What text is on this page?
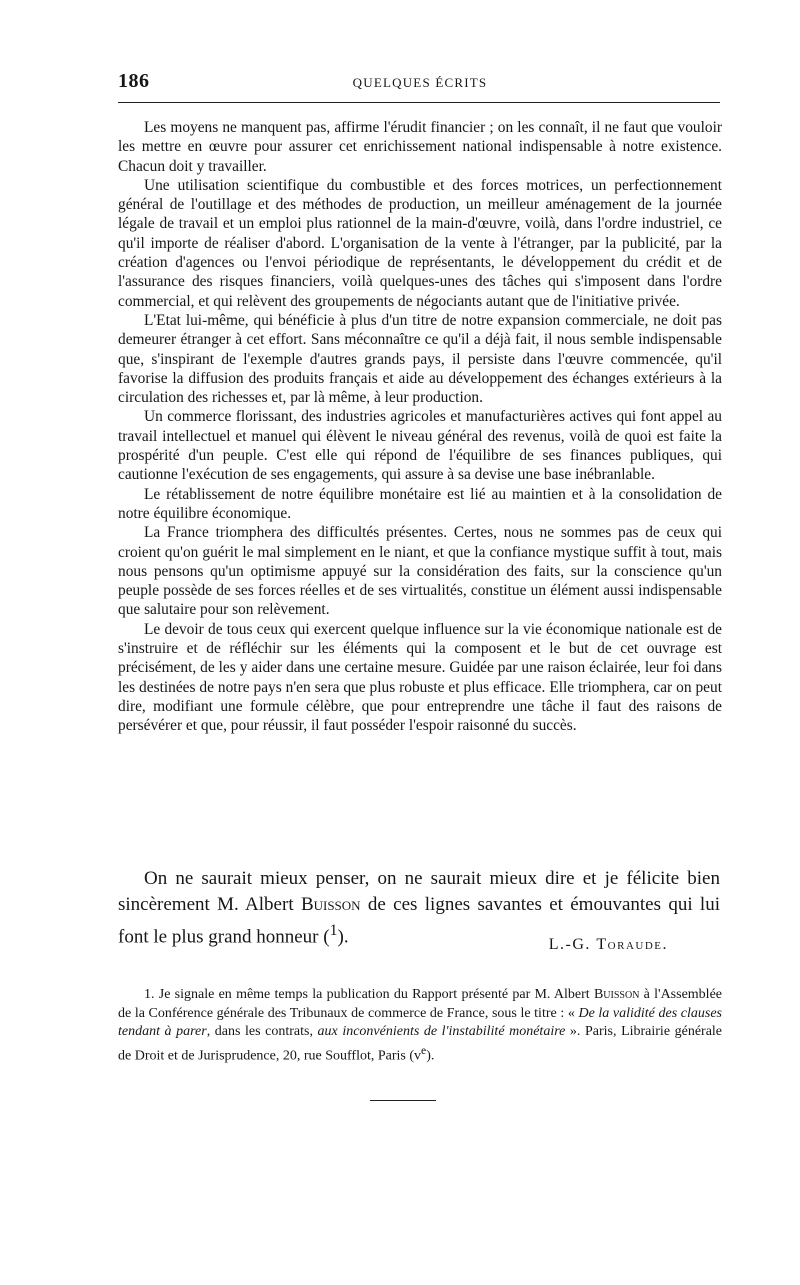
186	QUELQUES ÉCRITS

Les moyens ne manquent pas, affirme l'érudit financier ; on les connaît, il ne faut que vouloir les mettre en œuvre pour assurer cet enrichissement national indispensable à notre existence. Chacun doit y travailler.

Une utilisation scientifique du combustible et des forces motrices, un perfectionnement général de l'outillage et des méthodes de production, un meilleur aménagement de la journée légale de travail et un emploi plus rationnel de la main-d'œuvre, voilà, dans l'ordre industriel, ce qu'il importe de réaliser d'abord. L'organisation de la vente à l'étranger, par la publicité, par la création d'agences ou l'envoi périodique de représentants, le développement du crédit et de l'assurance des risques financiers, voilà quelques-unes des tâches qui s'imposent dans l'ordre commercial, et qui relèvent des groupements de négociants autant que de l'initiative privée.

L'Etat lui-même, qui bénéficie à plus d'un titre de notre expansion commerciale, ne doit pas demeurer étranger à cet effort. Sans méconnaître ce qu'il a déjà fait, il nous semble indispensable que, s'inspirant de l'exemple d'autres grands pays, il persiste dans l'œuvre commencée, qu'il favorise la diffusion des produits français et aide au développement des échanges extérieurs à la circulation des richesses et, par là même, à leur production.

Un commerce florissant, des industries agricoles et manufacturières actives qui font appel au travail intellectuel et manuel qui élèvent le niveau général des revenus, voilà de quoi est faite la prospérité d'un peuple. C'est elle qui répond de l'équilibre de ses finances publiques, qui cautionne l'exécution de ses engagements, qui assure à sa devise une base inébranlable.

Le rétablissement de notre équilibre monétaire est lié au maintien et à la consolidation de notre équilibre économique.

La France triomphera des difficultés présentes. Certes, nous ne sommes pas de ceux qui croient qu'on guérit le mal simplement en le niant, et que la confiance mystique suffit à tout, mais nous pensons qu'un optimisme appuyé sur la considération des faits, sur la conscience qu'un peuple possède de ses forces réelles et de ses virtualités, constitue un élément aussi indispensable que salutaire pour son relèvement.

Le devoir de tous ceux qui exercent quelque influence sur la vie économique nationale est de s'instruire et de réfléchir sur les éléments qui la composent et le but de cet ouvrage est précisément, de les y aider dans une certaine mesure. Guidée par une raison éclairée, leur foi dans les destinées de notre pays n'en sera que plus robuste et plus efficace. Elle triomphera, car on peut dire, modifiant une formule célèbre, que pour entreprendre une tâche il faut des raisons de persévérer et que, pour réussir, il faut posséder l'espoir raisonné du succès.

On ne saurait mieux penser, on ne saurait mieux dire et je félicite bien sincèrement M. Albert Buisson de ces lignes savantes et émouvantes qui lui font le plus grand honneur ($^1$).	L.-G. Toraude.

1. Je signale en même temps la publication du Rapport présenté par M. Albert Buisson à l'Assemblée de la Conférence générale des Tribunaux de commerce de France, sous le titre : « De la validité des clauses tendant à parer, dans les contrats, aux inconvénients de l'instabilité monétaire ». Paris, Librairie générale de Droit et de Jurisprudence, 20, rue Soufflot, Paris $(v^e)$.
